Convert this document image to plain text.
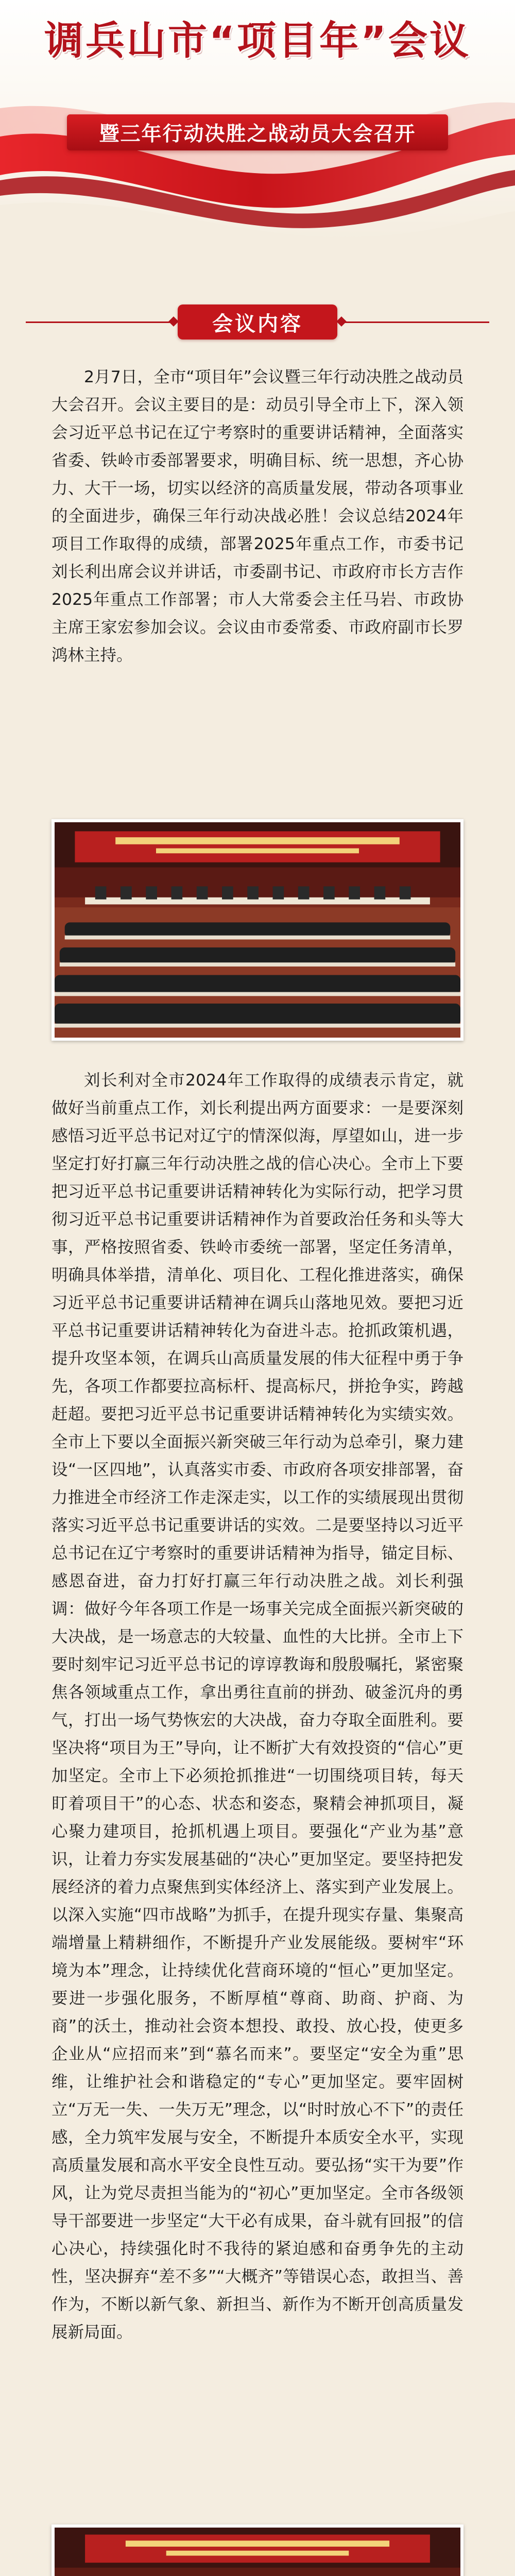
调兵山市“项目年”会议
暨三年行动决胜之战动员大会召开
会议内容

2月7日，全市“项目年”会议暨三年行动决胜之战动员大会召开。会议主要目的是：动员引导全市上下，深入领会习近平总书记在辽宁考察时的重要讲话精神，全面落实省委、铁岭市委部署要求，明确目标、统一思想，齐心协力、大干一场，切实以经济的高质量发展，带动各项事业的全面进步，确保三年行动决战必胜！会议总结2024年项目工作取得的成绩，部署2025年重点工作，市委书记刘长利出席会议并讲话，市委副书记、市政府市长方吉作2025年重点工作部署；市人大常委会主任马岩、市政协主席王家宏参加会议。会议由市委常委、市政府副市长罗鸿林主持。

刘长利对全市2024年工作取得的成绩表示肯定，就做好当前重点工作，刘长利提出两方面要求：一是要深刻感悟习近平总书记对辽宁的情深似海，厚望如山，进一步坚定打好打赢三年行动决胜之战的信心决心。全市上下要把习近平总书记重要讲话精神转化为实际行动，把学习贯彻习近平总书记重要讲话精神作为首要政治任务和头等大事，严格按照省委、铁岭市委统一部署，坚定任务清单，明确具体举措，清单化、项目化、工程化推进落实，确保习近平总书记重要讲话精神在调兵山落地见效。要把习近平总书记重要讲话精神转化为奋进斗志。抢抓政策机遇，提升攻坚本领，在调兵山高质量发展的伟大征程中勇于争先，各项工作都要拉高标杆、提高标尺，拼抢争实，跨越赶超。要把习近平总书记重要讲话精神转化为实绩实效。全市上下要以全面振兴新突破三年行动为总牵引，聚力建设“一区四地”，认真落实市委、市政府各项安排部署，奋力推进全市经济工作走深走实，以工作的实绩展现出贯彻落实习近平总书记重要讲话的实效。二是要坚持以习近平总书记在辽宁考察时的重要讲话精神为指导，锚定目标、感恩奋进，奋力打好打赢三年行动决胜之战。刘长利强调：做好今年各项工作是一场事关完成全面振兴新突破的大决战，是一场意志的大较量、血性的大比拼。全市上下要时刻牢记习近平总书记的谆谆教诲和殷殷嘱托，紧密聚焦各领域重点工作，拿出勇往直前的拼劲、破釜沉舟的勇气，打出一场气势恢宏的大决战，奋力夺取全面胜利。要坚决将“项目为王”导向，让不断扩大有效投资的“信心”更加坚定。全市上下必须抢抓推进“一切围绕项目转，每天盯着项目干”的心态、状态和姿态，聚精会神抓项目，凝心聚力建项目，抢抓机遇上项目。要强化“产业为基”意识，让着力夯实发展基础的“决心”更加坚定。要坚持把发展经济的着力点聚焦到实体经济上、落实到产业发展上。以深入实施“四市战略”为抓手，在提升现实存量、集聚高端增量上精耕细作，不断提升产业发展能级。要树牢“环境为本”理念，让持续优化营商环境的“恒心”更加坚定。要进一步强化服务，不断厚植“尊商、助商、护商、为商”的沃土，推动社会资本想投、敢投、放心投，使更多企业从“应招而来”到“慕名而来”。要坚定“安全为重”思维，让维护社会和谐稳定的“专心”更加坚定。要牢固树立“万无一失、一失万无”理念，以“时时放心不下”的责任感，全力筑牢发展与安全，不断提升本质安全水平，实现高质量发展和高水平安全良性互动。要弘扬“实干为要”作风，让为党尽责担当能为的“初心”更加坚定。全市各级领导干部要进一步坚定“大干必有成果，奋斗就有回报”的信心决心，持续强化时不我待的紧迫感和奋勇争先的主动性，坚决摒弃“差不多”“大概齐”等错误心态，敢担当、善作为，不断以新气象、新担当、新作为不断开创高质量发展新局面。
